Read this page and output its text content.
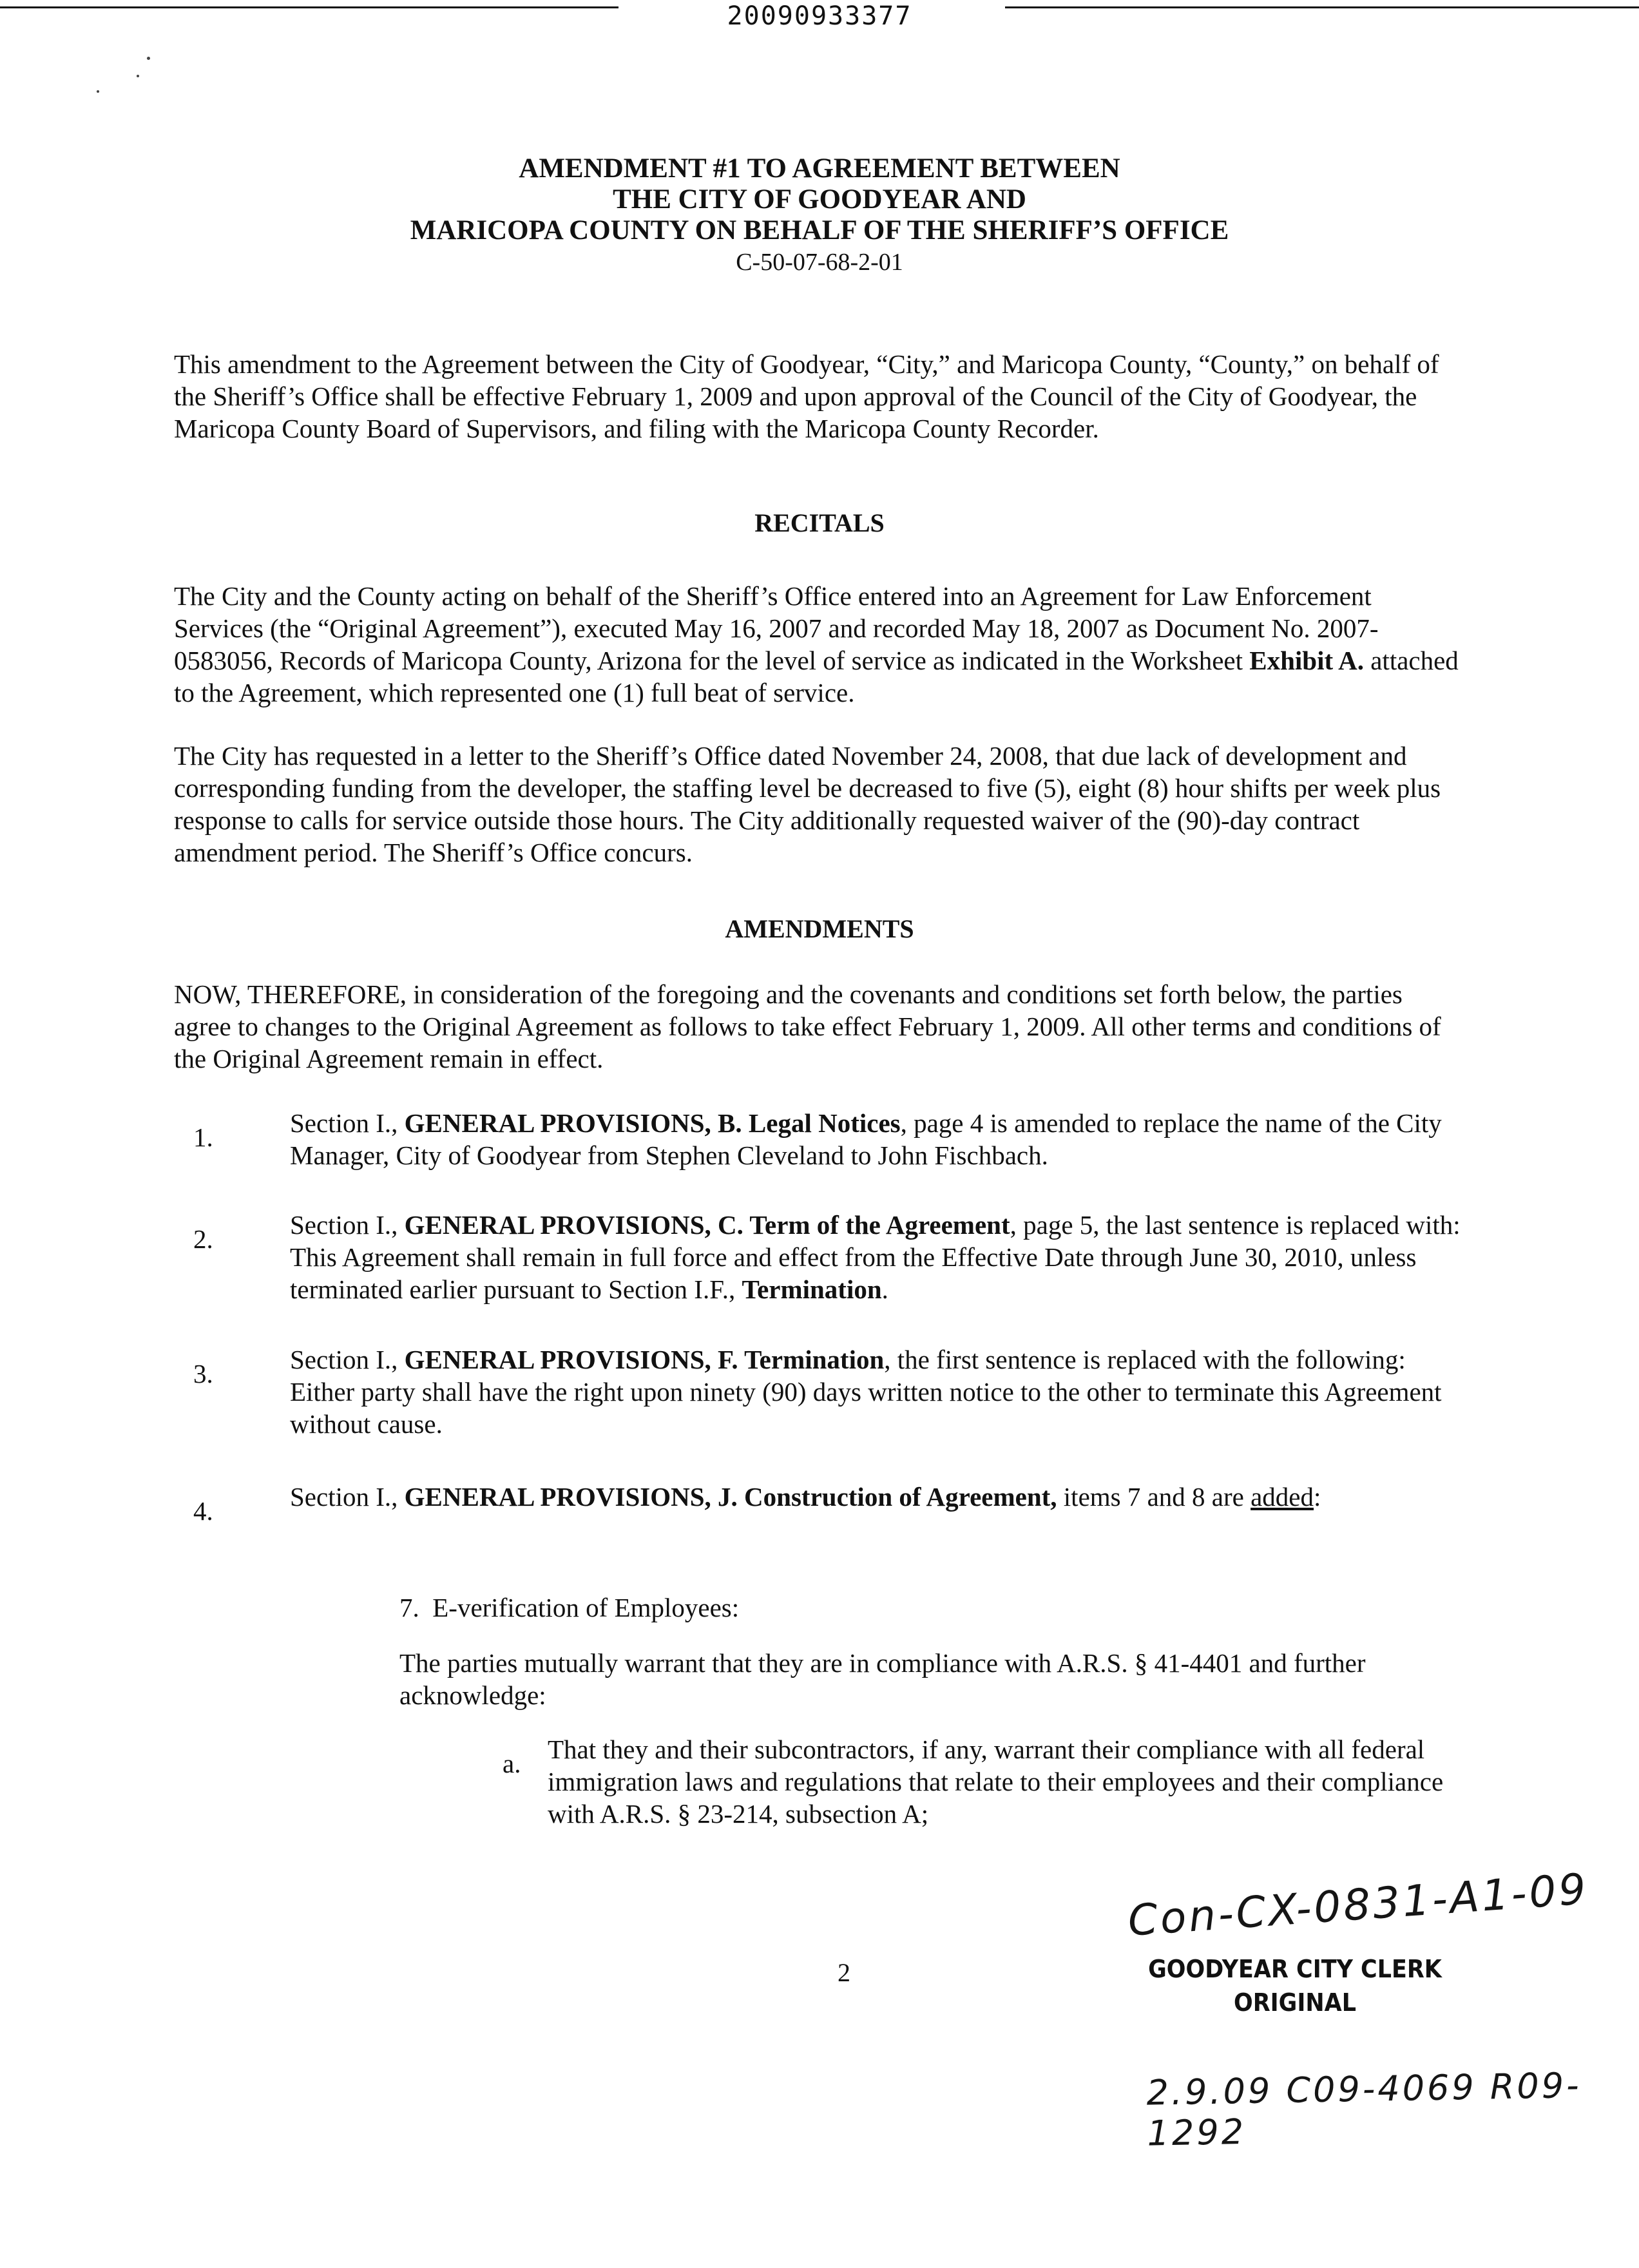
20090933377
AMENDMENT #1 TO AGREEMENT BETWEEN
THE CITY OF GOODYEAR AND
MARICOPA COUNTY ON BEHALF OF THE SHERIFF’S OFFICE
C-50-07-68-2-01
This amendment to the Agreement between the City of Goodyear, “City,” and Maricopa County, “County,” on behalf of the Sheriff’s Office shall be effective February 1, 2009 and upon approval of the Council of the City of Goodyear, the Maricopa County Board of Supervisors, and filing with the Maricopa County Recorder.
RECITALS
The City and the County acting on behalf of the Sheriff’s Office entered into an Agreement for Law Enforcement Services (the “Original Agreement”), executed May 16, 2007 and recorded May 18, 2007 as Document No. 2007-0583056, Records of Maricopa County, Arizona for the level of service as indicated in the Worksheet Exhibit A. attached to the Agreement, which represented one (1) full beat of service.
The City has requested in a letter to the Sheriff’s Office dated November 24, 2008, that due lack of development and corresponding funding from the developer, the staffing level be decreased to five (5), eight (8) hour shifts per week plus response to calls for service outside those hours. The City additionally requested waiver of the (90)-day contract amendment period. The Sheriff’s Office concurs.
AMENDMENTS
NOW, THEREFORE, in consideration of the foregoing and the covenants and conditions set forth below, the parties agree to changes to the Original Agreement as follows to take effect February 1, 2009. All other terms and conditions of the Original Agreement remain in effect.
1.	Section I., GENERAL PROVISIONS, B. Legal Notices, page 4 is amended to replace the name of the City Manager, City of Goodyear from Stephen Cleveland to John Fischbach.
2.	Section I., GENERAL PROVISIONS, C. Term of the Agreement, page 5, the last sentence is replaced with: This Agreement shall remain in full force and effect from the Effective Date through June 30, 2010, unless terminated earlier pursuant to Section I.F., Termination.
3.	Section I., GENERAL PROVISIONS, F. Termination, the first sentence is replaced with the following: Either party shall have the right upon ninety (90) days written notice to the other to terminate this Agreement without cause.
4.	Section I., GENERAL PROVISIONS, J. Construction of Agreement, items 7 and 8 are added:
7. E-verification of Employees:
The parties mutually warrant that they are in compliance with A.R.S. § 41-4401 and further acknowledge:
a. That they and their subcontractors, if any, warrant their compliance with all federal immigration laws and regulations that relate to their employees and their compliance with A.R.S. § 23-214, subsection A;
2
Con-CX-0831-A1-09
GOODYEAR CITY CLERK
ORIGINAL
2.9.09 C09-4069 R09-1292
